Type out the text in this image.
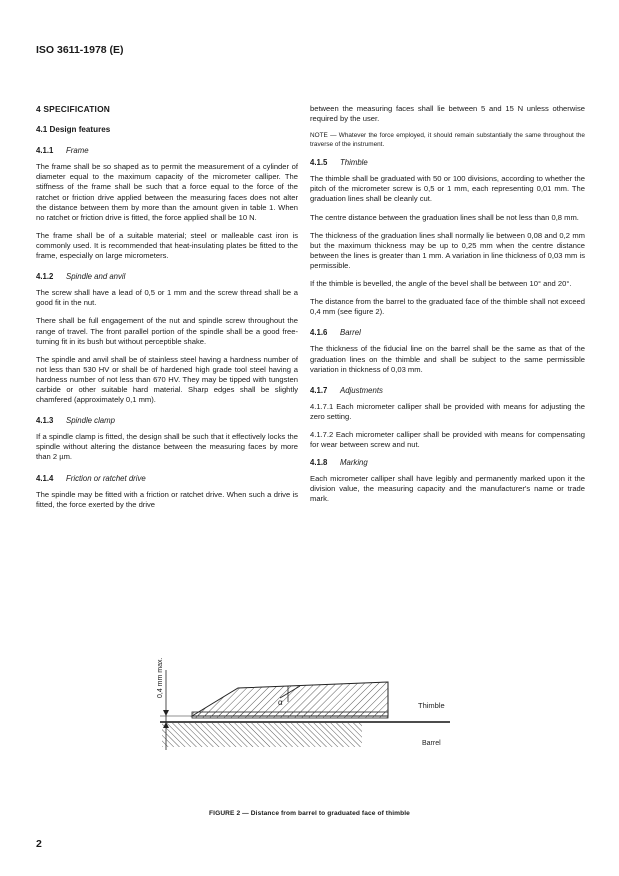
ISO 3611-1978 (E)
4 SPECIFICATION
4.1 Design features
4.1.1 Frame

The frame shall be so shaped as to permit the measurement of a cylinder of diameter equal to the maximum capacity of the micrometer calliper. The stiffness of the frame shall be such that a force equal to the force of the ratchet or friction drive applied between the measuring faces does not alter the distance between them by more than the amount given in table 1. When no ratchet or friction drive is fitted, the force applied shall be 10 N.

The frame shall be of a suitable material; steel or malleable cast iron is commonly used. It is recommended that heat-insulating plates be fitted to the frame, especially on large micrometers.

4.1.2 Spindle and anvil

The screw shall have a lead of 0,5 or 1 mm and the screw thread shall be a good fit in the nut.

There shall be full engagement of the nut and spindle screw throughout the range of travel. The front parallel portion of the spindle shall be a good free-turning fit in its bush but without perceptible shake.

The spindle and anvil shall be of stainless steel having a hardness number of not less than 530 HV or shall be of hardened high grade tool steel having a hardness number of not less than 670 HV. They may be tipped with tungsten carbide or other suitable hard material. Sharp edges shall be slightly chamfered (approximately 0,1 mm).

4.1.3 Spindle clamp

If a spindle clamp is fitted, the design shall be such that it effectively locks the spindle without altering the distance between the measuring faces by more than 2 µm.

4.1.4 Friction or ratchet drive

The spindle may be fitted with a friction or ratchet drive. When such a drive is fitted, the force exerted by the drive

between the measuring faces shall lie between 5 and 15 N unless otherwise required by the user.

NOTE — Whatever the force employed, it should remain substantially the same throughout the traverse of the instrument.

4.1.5 Thimble

The thimble shall be graduated with 50 or 100 divisions, according to whether the pitch of the micrometer screw is 0,5 or 1 mm, each representing 0,01 mm. The graduation lines shall be cleanly cut.

The centre distance between the graduation lines shall be not less than 0,8 mm.

The thickness of the graduation lines shall normally lie between 0,08 and 0,2 mm but the maximum thickness may be up to 0,25 mm when the centre distance between the lines is greater than 1 mm. A variation in line thickness of 0,03 mm is permissible.

If the thimble is bevelled, the angle of the bevel shall be between 10° and 20°.

The distance from the barrel to the graduated face of the thimble shall not exceed 0,4 mm (see figure 2).

4.1.6 Barrel

The thickness of the fiducial line on the barrel shall be the same as that of the graduation lines on the thimble and shall be subject to the same permissible variation in thickness of 0,03 mm.

4.1.7 Adjustments

4.1.7.1 Each micrometer calliper shall be provided with means for adjusting the zero setting.

4.1.7.2 Each micrometer calliper shall be provided with means for compensating for wear between screw and nut.

4.1.8 Marking

Each micrometer calliper shall have legibly and permanently marked upon it the division value, the measuring capacity and the manufacturer's name or trade mark.

0,4 mm max.
α	Thimble
Barrel
FIGURE 2 — Distance from barrel to graduated face of thimble
2
